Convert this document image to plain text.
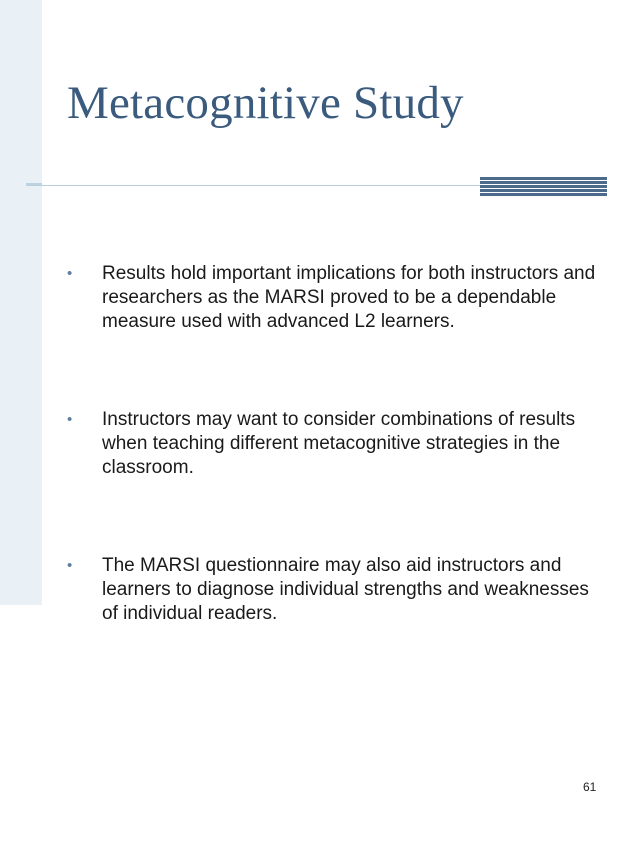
Metacognitive Study
• Results hold important implications for both instructors and researchers as the MARSI proved to be a dependable measure used with advanced L2 learners.
• Instructors may want to consider combinations of results when teaching different metacognitive strategies in the classroom.
• The MARSI questionnaire may also aid instructors and learners to diagnose individual strengths and weaknesses of individual readers.
61
